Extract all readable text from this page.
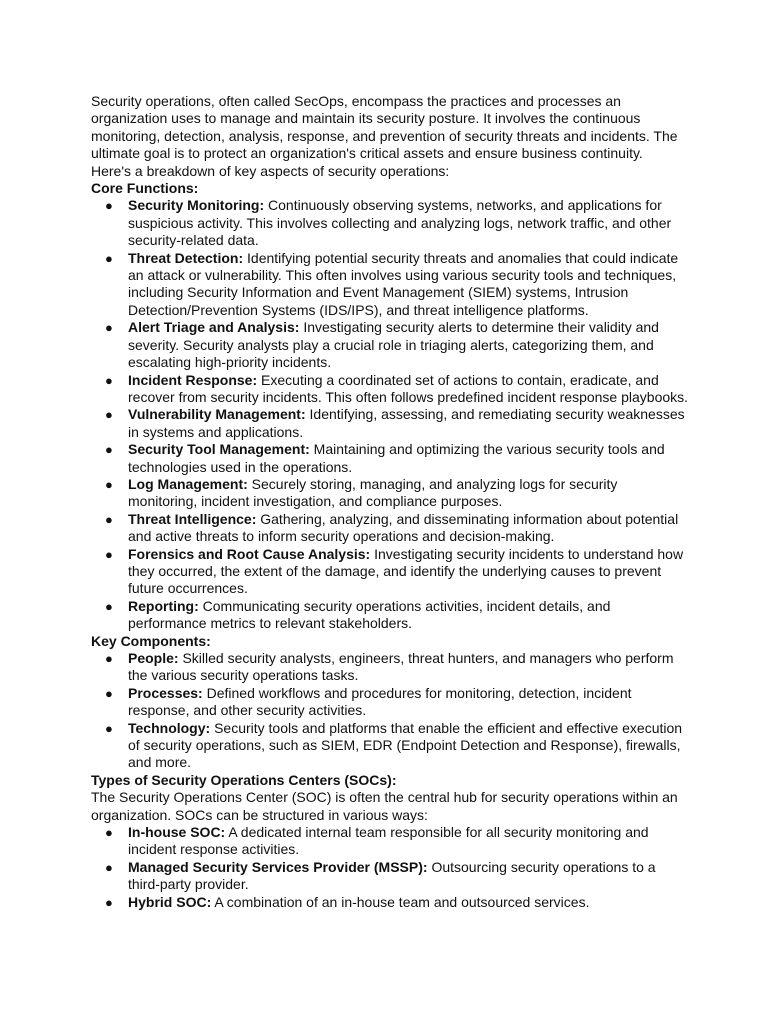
Security operations, often called SecOps, encompass the practices and processes an organization uses to manage and maintain its security posture. It involves the continuous monitoring, detection, analysis, response, and prevention of security threats and incidents. The ultimate goal is to protect an organization's critical assets and ensure business continuity.

Here's a breakdown of key aspects of security operations:

Core Functions:

● Security Monitoring: Continuously observing systems, networks, and applications for suspicious activity. This involves collecting and analyzing logs, network traffic, and other security-related data.
● Threat Detection: Identifying potential security threats and anomalies that could indicate an attack or vulnerability. This often involves using various security tools and techniques, including Security Information and Event Management (SIEM) systems, Intrusion Detection/Prevention Systems (IDS/IPS), and threat intelligence platforms.
● Alert Triage and Analysis: Investigating security alerts to determine their validity and severity. Security analysts play a crucial role in triaging alerts, categorizing them, and escalating high-priority incidents.
● Incident Response: Executing a coordinated set of actions to contain, eradicate, and recover from security incidents. This often follows predefined incident response playbooks.
● Vulnerability Management: Identifying, assessing, and remediating security weaknesses in systems and applications.
● Security Tool Management: Maintaining and optimizing the various security tools and technologies used in the operations.
● Log Management: Securely storing, managing, and analyzing logs for security monitoring, incident investigation, and compliance purposes.
● Threat Intelligence: Gathering, analyzing, and disseminating information about potential and active threats to inform security operations and decision-making.
● Forensics and Root Cause Analysis: Investigating security incidents to understand how they occurred, the extent of the damage, and identify the underlying causes to prevent future occurrences.
● Reporting: Communicating security operations activities, incident details, and performance metrics to relevant stakeholders.

Key Components:

● People: Skilled security analysts, engineers, threat hunters, and managers who perform the various security operations tasks.
● Processes: Defined workflows and procedures for monitoring, detection, incident response, and other security activities.
● Technology: Security tools and platforms that enable the efficient and effective execution of security operations, such as SIEM, EDR (Endpoint Detection and Response), firewalls, and more.

Types of Security Operations Centers (SOCs):

The Security Operations Center (SOC) is often the central hub for security operations within an organization. SOCs can be structured in various ways:

● In-house SOC: A dedicated internal team responsible for all security monitoring and incident response activities.
● Managed Security Services Provider (MSSP): Outsourcing security operations to a third-party provider.
● Hybrid SOC: A combination of an in-house team and outsourced services.
